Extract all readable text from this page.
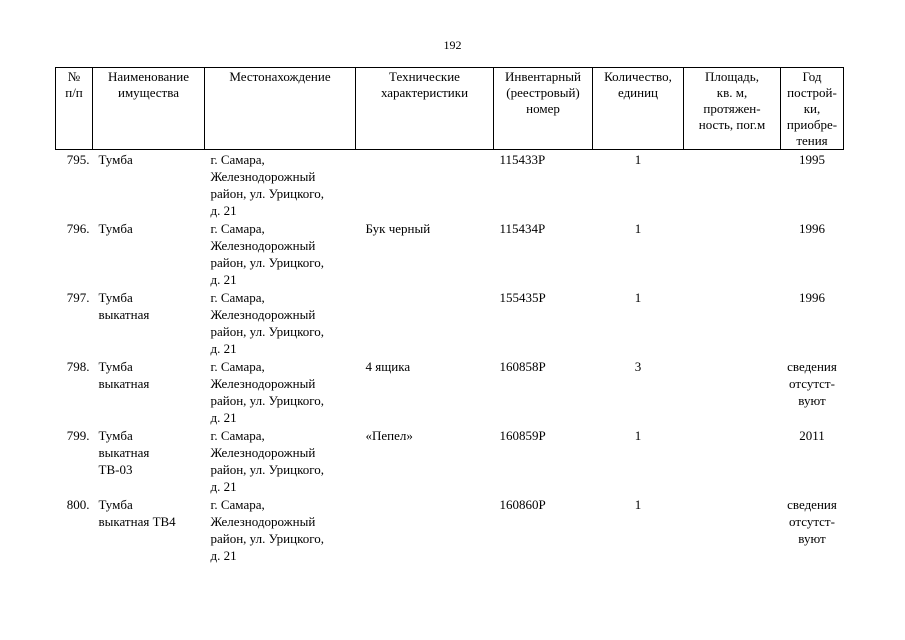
192
№
п/п	Наименование
имущества	Местонахождение	Технические
характеристики	Инвентарный
(реестровый)
номер	Количество,
единиц	Площадь,
кв. м,
протяжен-
ность, пог.м	Год
построй-
ки,
приобре-
тения
795.	Тумба	г. Самара,
Железнодорожный
район, ул. Урицкого,
д. 21		115433Р	1		1995
796.	Тумба	г. Самара,
Железнодорожный
район, ул. Урицкого,
д. 21	Бук черный	115434Р	1		1996
797.	Тумба
выкатная	г. Самара,
Железнодорожный
район, ул. Урицкого,
д. 21		155435Р	1		1996
798.	Тумба
выкатная	г. Самара,
Железнодорожный
район, ул. Урицкого,
д. 21	4 ящика	160858Р	3		сведения
отсутст-
вуют
799.	Тумба
выкатная
ТВ-03	г. Самара,
Железнодорожный
район, ул. Урицкого,
д. 21	«Пепел»	160859Р	1		2011
800.	Тумба
выкатная ТВ4	г. Самара,
Железнодорожный
район, ул. Урицкого,
д. 21		160860Р	1		сведения
отсутст-
вуют
